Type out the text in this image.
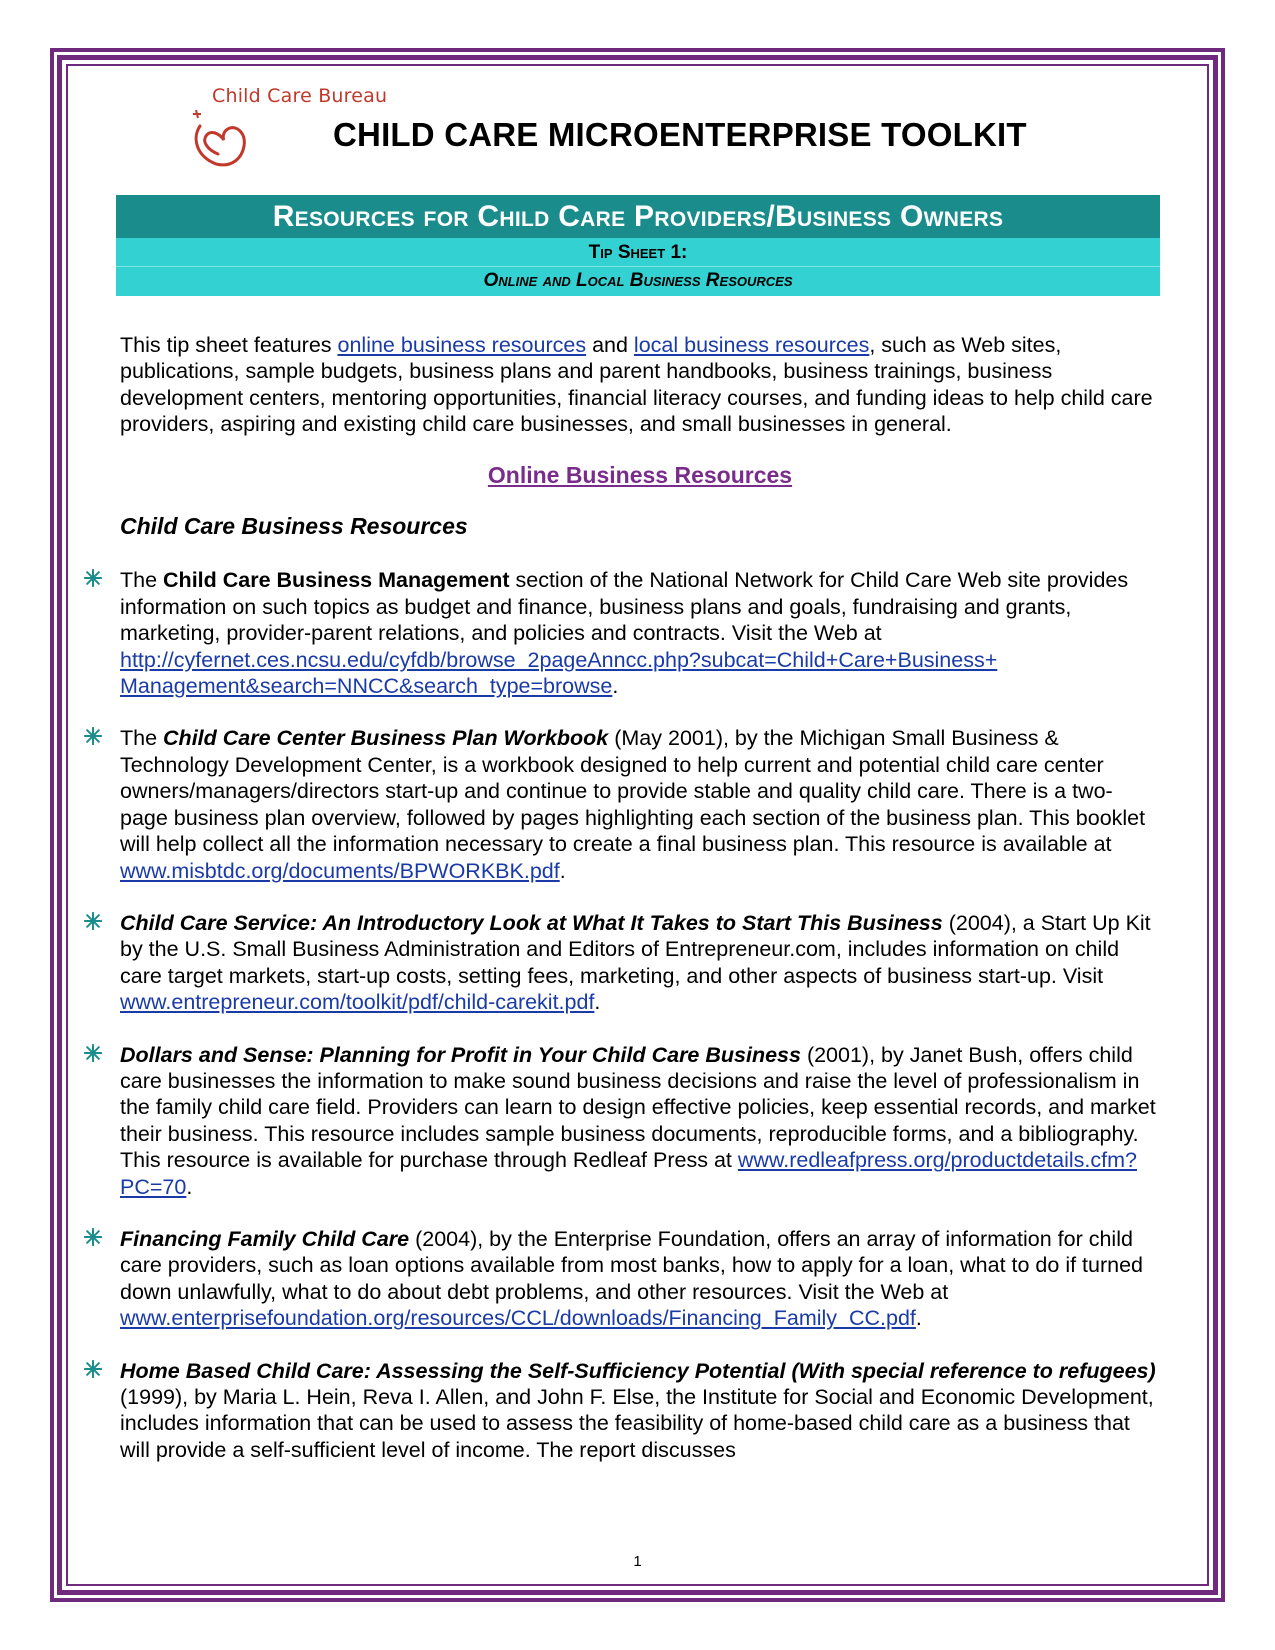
Child Care Bureau
CHILD CARE MICROENTERPRISE TOOLKIT
Resources for Child Care Providers/Business Owners
Tip Sheet 1:
Online and Local Business Resources

This tip sheet features online business resources and local business resources, such as Web sites, publications, sample budgets, business plans and parent handbooks, business trainings, business development centers, mentoring opportunities, financial literacy courses, and funding ideas to help child care providers, aspiring and existing child care businesses, and small businesses in general.

Online Business Resources
Child Care Business Resources
The Child Care Business Management section of the National Network for Child Care Web site provides information on such topics as budget and finance, business plans and goals, fundraising and grants, marketing, provider-parent relations, and policies and contracts. Visit the Web at http://cyfernet.ces.ncsu.edu/cyfdb/browse_2pageAnncc.php?subcat=Child+Care+Business+ Management&search=NNCC&search_type=browse.
The Child Care Center Business Plan Workbook (May 2001), by the Michigan Small Business & Technology Development Center, is a workbook designed to help current and potential child care center owners/managers/directors start-up and continue to provide stable and quality child care. There is a two-page business plan overview, followed by pages highlighting each section of the business plan. This booklet will help collect all the information necessary to create a final business plan. This resource is available at www.misbtdc.org/documents/BPWORKBK.pdf.
Child Care Service: An Introductory Look at What It Takes to Start This Business (2004), a Start Up Kit by the U.S. Small Business Administration and Editors of Entrepreneur.com, includes information on child care target markets, start-up costs, setting fees, marketing, and other aspects of business start-up. Visit www.entrepreneur.com/toolkit/pdf/child-carekit.pdf.
Dollars and Sense: Planning for Profit in Your Child Care Business (2001), by Janet Bush, offers child care businesses the information to make sound business decisions and raise the level of professionalism in the family child care field. Providers can learn to design effective policies, keep essential records, and market their business. This resource includes sample business documents, reproducible forms, and a bibliography. This resource is available for purchase through Redleaf Press at www.redleafpress.org/productdetails.cfm?PC=70.
Financing Family Child Care (2004), by the Enterprise Foundation, offers an array of information for child care providers, such as loan options available from most banks, how to apply for a loan, what to do if turned down unlawfully, what to do about debt problems, and other resources. Visit the Web at www.enterprisefoundation.org/resources/CCL/downloads/Financing_Family_CC.pdf.
Home Based Child Care: Assessing the Self-Sufficiency Potential (With special reference to refugees) (1999), by Maria L. Hein, Reva I. Allen, and John F. Else, the Institute for Social and Economic Development, includes information that can be used to assess the feasibility of home-based child care as a business that will provide a self-sufficient level of income. The report discusses
1
